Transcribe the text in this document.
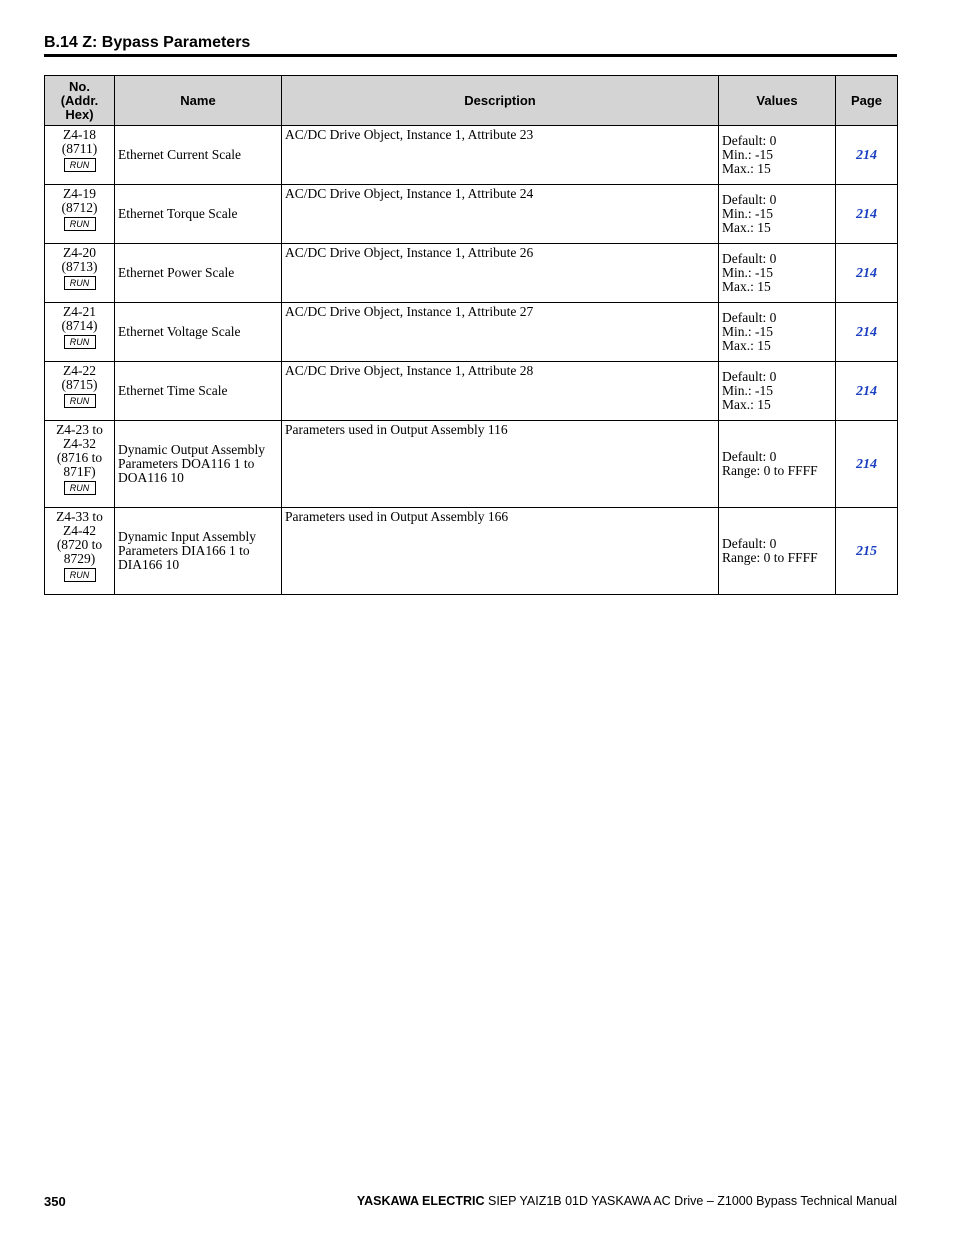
B.14 Z: Bypass Parameters
No.
(Addr.
Hex)	Name	Description	Values	Page

Z4-18
(8711)
RUN	Ethernet Current Scale	AC/DC Drive Object, Instance 1, Attribute 23	Default: 0
Min.: -15
Max.: 15	214

Z4-19
(8712)
RUN	Ethernet Torque Scale	AC/DC Drive Object, Instance 1, Attribute 24	Default: 0
Min.: -15
Max.: 15	214

Z4-20
(8713)
RUN	Ethernet Power Scale	AC/DC Drive Object, Instance 1, Attribute 26	Default: 0
Min.: -15
Max.: 15	214

Z4-21
(8714)
RUN	Ethernet Voltage Scale	AC/DC Drive Object, Instance 1, Attribute 27	Default: 0
Min.: -15
Max.: 15	214

Z4-22
(8715)
RUN	Ethernet Time Scale	AC/DC Drive Object, Instance 1, Attribute 28	Default: 0
Min.: -15
Max.: 15	214

Z4-23 to
Z4-32
(8716 to
871F)
RUN	Dynamic Output Assembly Parameters DOA116 1 to DOA116 10	Parameters used in Output Assembly 116	Default: 0
Range: 0 to FFFF	214

Z4-33 to
Z4-42
(8720 to
8729)
RUN	Dynamic Input Assembly Parameters DIA166 1 to DIA166 10	Parameters used in Output Assembly 166	Default: 0
Range: 0 to FFFF	215
350	YASKAWA ELECTRIC SIEP YAIZ1B 01D YASKAWA AC Drive – Z1000 Bypass Technical Manual
